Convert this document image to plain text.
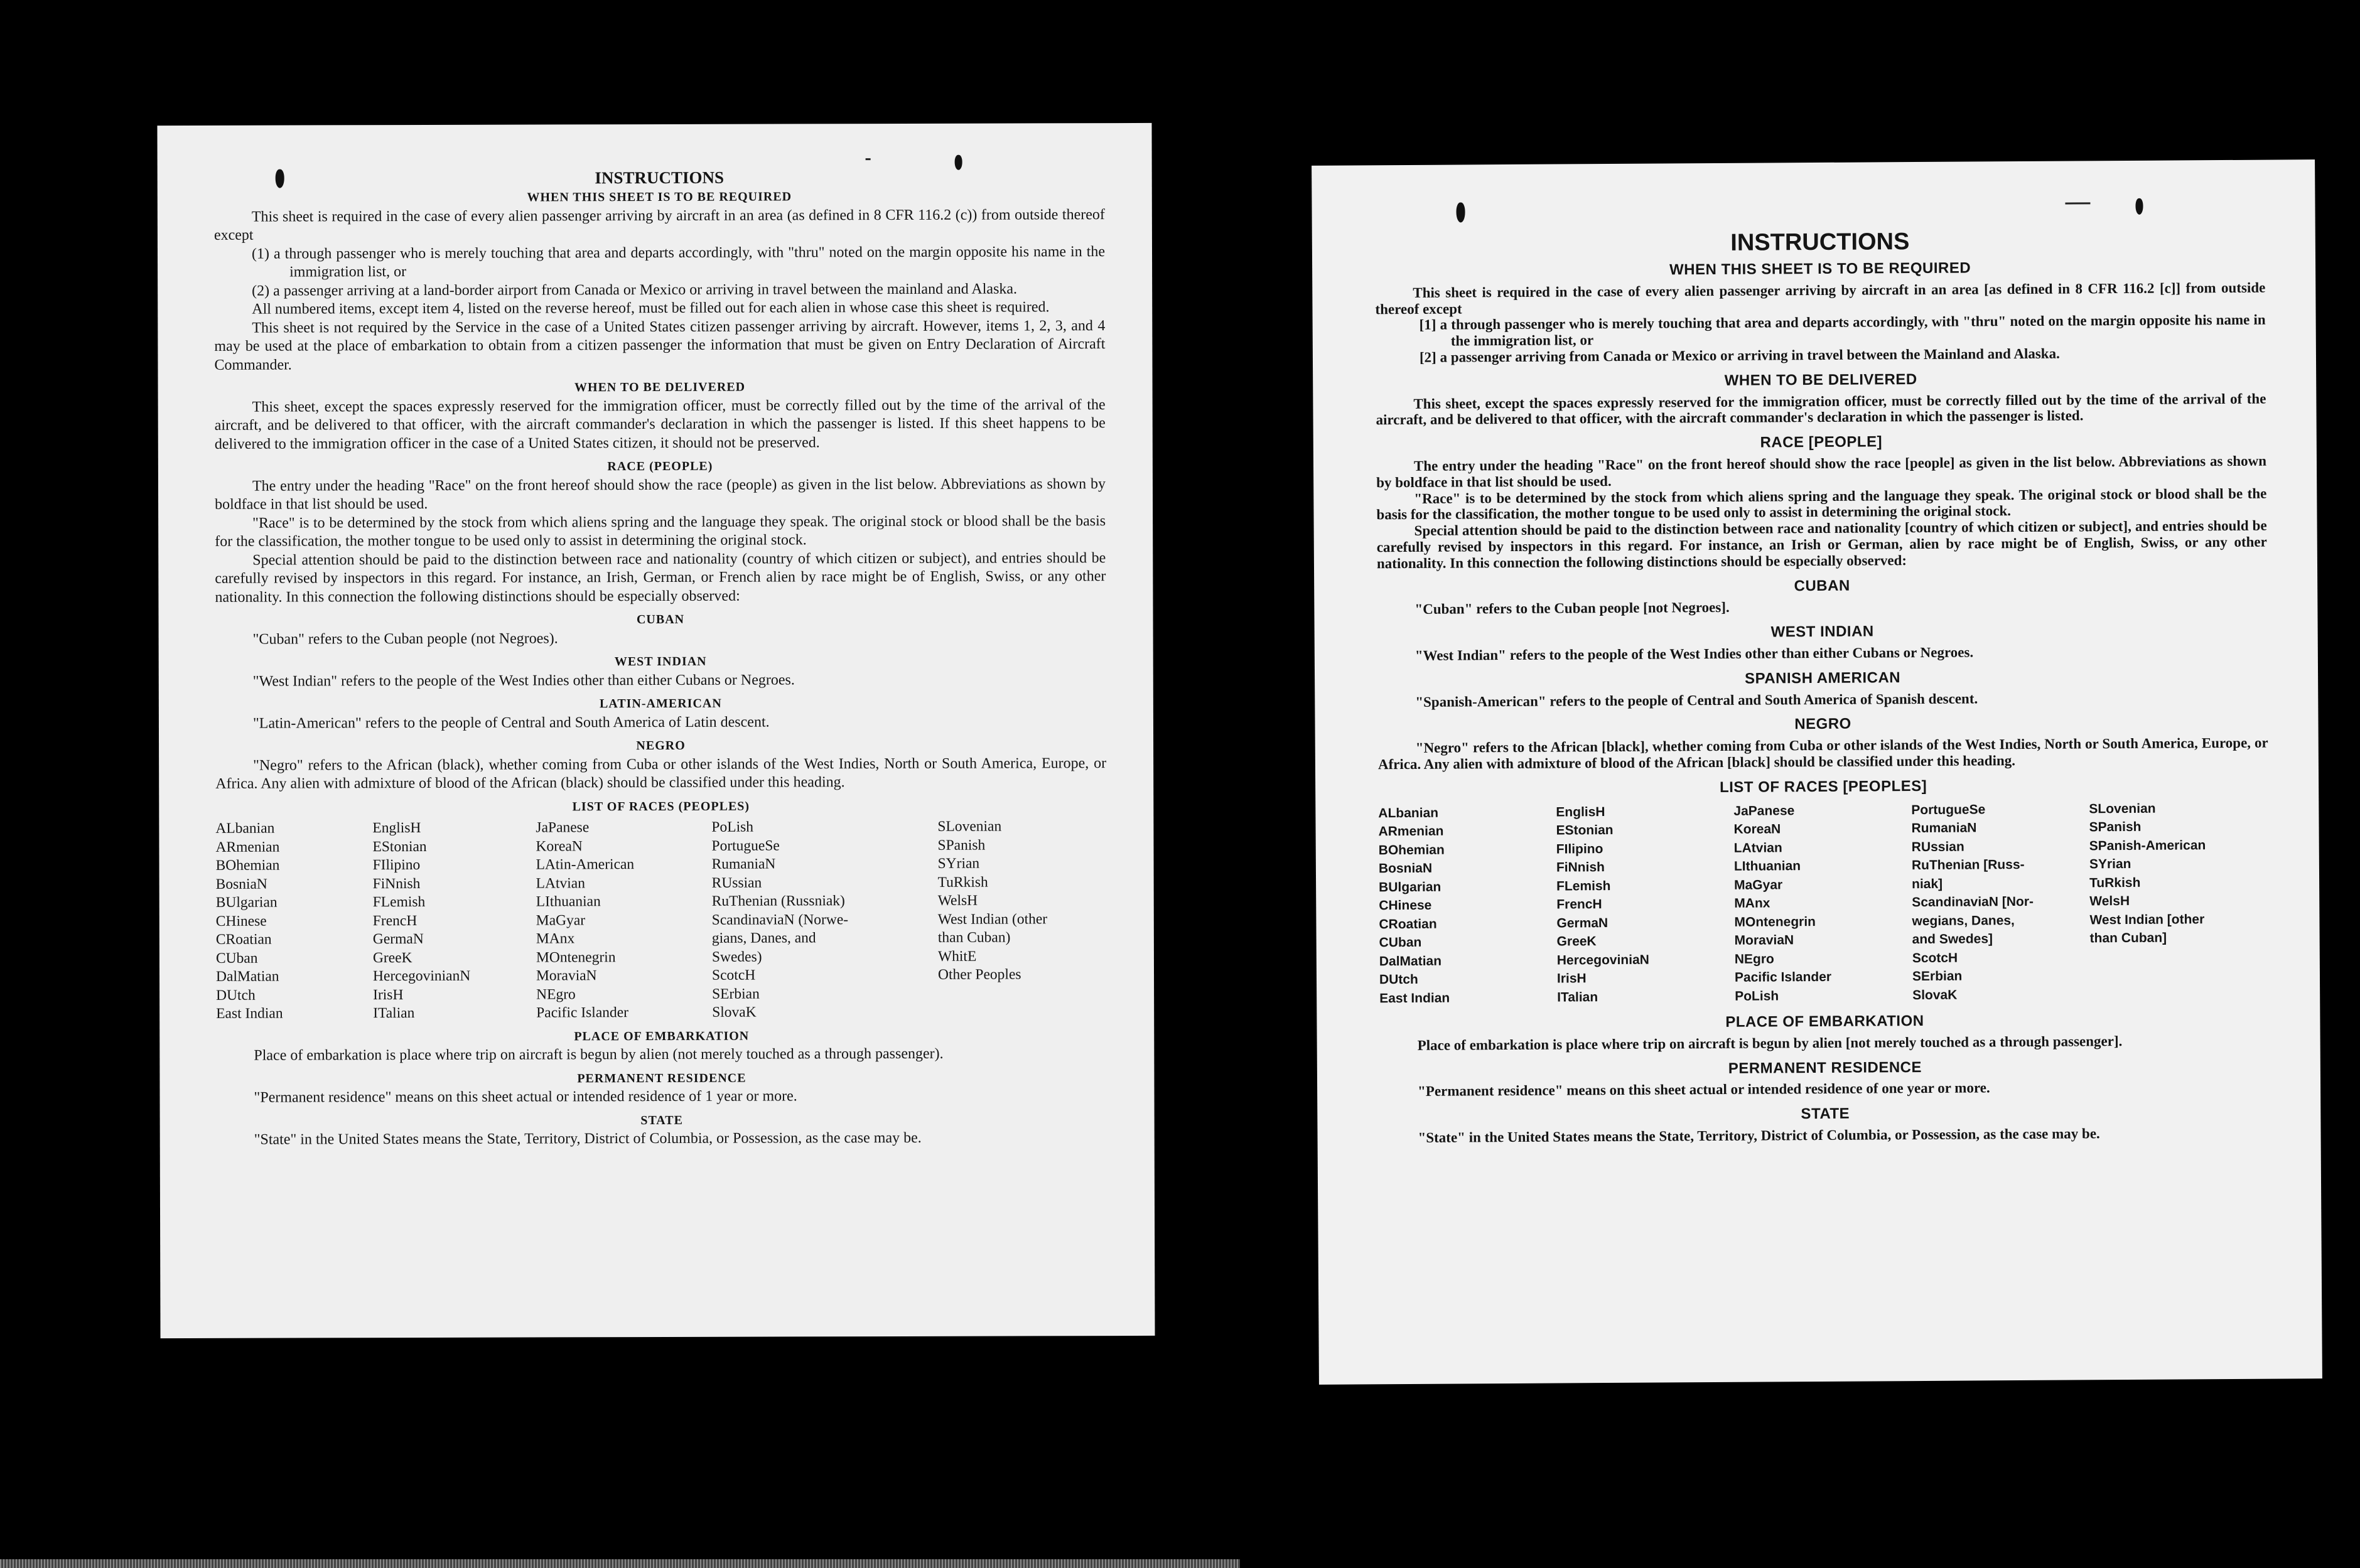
INSTRUCTIONS

WHEN THIS SHEET IS TO BE REQUIRED

This sheet is required in the case of every alien passenger arriving by aircraft in an area (as defined in 8 CFR 116.2 (c)) from outside thereof except

(1) a through passenger who is merely touching that area and departs accordingly, with "thru" noted on the margin opposite his name in the immigration list, or

(2) a passenger arriving at a land-border airport from Canada or Mexico or arriving in travel between the mainland and Alaska.

All numbered items, except item 4, listed on the reverse hereof, must be filled out for each alien in whose case this sheet is required.

This sheet is not required by the Service in the case of a United States citizen passenger arriving by aircraft. However, items 1, 2, 3, and 4 may be used at the place of embarkation to obtain from a citizen passenger the information that must be given on Entry Declaration of Aircraft Commander.

WHEN TO BE DELIVERED

This sheet, except the spaces expressly reserved for the immigration officer, must be correctly filled out by the time of the arrival of the aircraft, and be delivered to that officer, with the aircraft commander's declaration in which the passenger is listed. If this sheet happens to be delivered to the immigration officer in the case of a United States citizen, it should not be preserved.

RACE (PEOPLE)

The entry under the heading "Race" on the front hereof should show the race (people) as given in the list below. Abbreviations as shown by boldface in that list should be used.

"Race" is to be determined by the stock from which aliens spring and the language they speak. The original stock or blood shall be the basis for the classification, the mother tongue to be used only to assist in determining the original stock.

Special attention should be paid to the distinction between race and nationality (country of which citizen or subject), and entries should be carefully revised by inspectors in this regard. For instance, an Irish, German, or French alien by race might be of English, Swiss, or any other nationality. In this connection the following distinctions should be especially observed:

CUBAN

"Cuban" refers to the Cuban people (not Negroes).

WEST INDIAN

"West Indian" refers to the people of the West Indies other than either Cubans or Negroes.

LATIN-AMERICAN

"Latin-American" refers to the people of Central and South America of Latin descent.

NEGRO

"Negro" refers to the African (black), whether coming from Cuba or other islands of the West Indies, North or South America, Europe, or Africa. Any alien with admixture of blood of the African (black) should be classified under this heading.

LIST OF RACES (PEOPLES)

ALbanian
ARmenian
BOhemian
BosniaN
BUlgarian
CHinese
CRoatian
CUban
DalMatian
DUtch
East Indian
EnglisH
EStonian
FIlipino
FiNnish
FLemish
FrencH
GermaN
GreeK
HercegovinianN
IrisH
ITalian
JaPanese
KoreaN
LAtin-American
LAtvian
LIthuanian
MaGyar
MAnx
MOntenegrin
MoraviaN
NEgro
Pacific Islander
PoLish
PortugueSe
RumaniaN
RUssian
RuThenian (Russniak)
ScandinaviaN (Norwe-
gians, Danes, and
Swedes)
ScotcH
SErbian
SlovaK
SLovenian
SPanish
SYrian
TuRkish
WelsH
West Indian (other
than Cuban)
WhitE
Other Peoples

PLACE OF EMBARKATION

Place of embarkation is place where trip on aircraft is begun by alien (not merely touched as a through passenger).

PERMANENT RESIDENCE

"Permanent residence" means on this sheet actual or intended residence of 1 year or more.

STATE

"State" in the United States means the State, Territory, District of Columbia, or Possession, as the case may be.

INSTRUCTIONS

WHEN THIS SHEET IS TO BE REQUIRED

This sheet is required in the case of every alien passenger arriving by aircraft in an area [as defined in 8 CFR 116.2 [c]] from outside thereof except

[1] a through passenger who is merely touching that area and departs accordingly, with "thru" noted on the margin opposite his name in the immigration list, or

[2] a passenger arriving from Canada or Mexico or arriving in travel between the Mainland and Alaska.

WHEN TO BE DELIVERED

This sheet, except the spaces expressly reserved for the immigration officer, must be correctly filled out by the time of the arrival of the aircraft, and be delivered to that officer, with the aircraft commander's declaration in which the passenger is listed.

RACE [PEOPLE]

The entry under the heading "Race" on the front hereof should show the race [people] as given in the list below. Abbreviations as shown by boldface in that list should be used.

"Race" is to be determined by the stock from which aliens spring and the language they speak. The original stock or blood shall be the basis for the classification, the mother tongue to be used only to assist in determining the original stock.

Special attention should be paid to the distinction between race and nationality [country of which citizen or subject], and entries should be carefully revised by inspectors in this regard. For instance, an Irish or German, alien by race might be of English, Swiss, or any other nationality. In this connection the following distinctions should be especially observed:

CUBAN

"Cuban" refers to the Cuban people [not Negroes].

WEST INDIAN

"West Indian" refers to the people of the West Indies other than either Cubans or Negroes.

SPANISH AMERICAN

"Spanish-American" refers to the people of Central and South America of Spanish descent.

NEGRO

"Negro" refers to the African [black], whether coming from Cuba or other islands of the West Indies, North or South America, Europe, or Africa. Any alien with admixture of blood of the African [black] should be classified under this heading.

LIST OF RACES [PEOPLES]

ALbanian
ARmenian
BOhemian
BosniaN
BUlgarian
CHinese
CRoatian
CUban
DalMatian
DUtch
East Indian
EnglisH
EStonian
FIlipino
FiNnish
FLemish
FrencH
GermaN
GreeK
HercegoviniaN
IrisH
ITalian
JaPanese
KoreaN
LAtvian
LIthuanian
MaGyar
MAnx
MOntenegrin
MoraviaN
NEgro
Pacific Islander
PoLish
PortugueSe
RumaniaN
RUssian
RuThenian [Russ-
niak]
ScandinaviaN [Nor-
wegians, Danes,
and Swedes]
ScotcH
SErbian
SlovaK
SLovenian
SPanish
SPanish-American
SYrian
TuRkish
WelsH
West Indian [other
than Cuban]

PLACE OF EMBARKATION

Place of embarkation is place where trip on aircraft is begun by alien [not merely touched as a through passenger].

PERMANENT RESIDENCE

"Permanent residence" means on this sheet actual or intended residence of one year or more.

STATE

"State" in the United States means the State, Territory, District of Columbia, or Possession, as the case may be.
